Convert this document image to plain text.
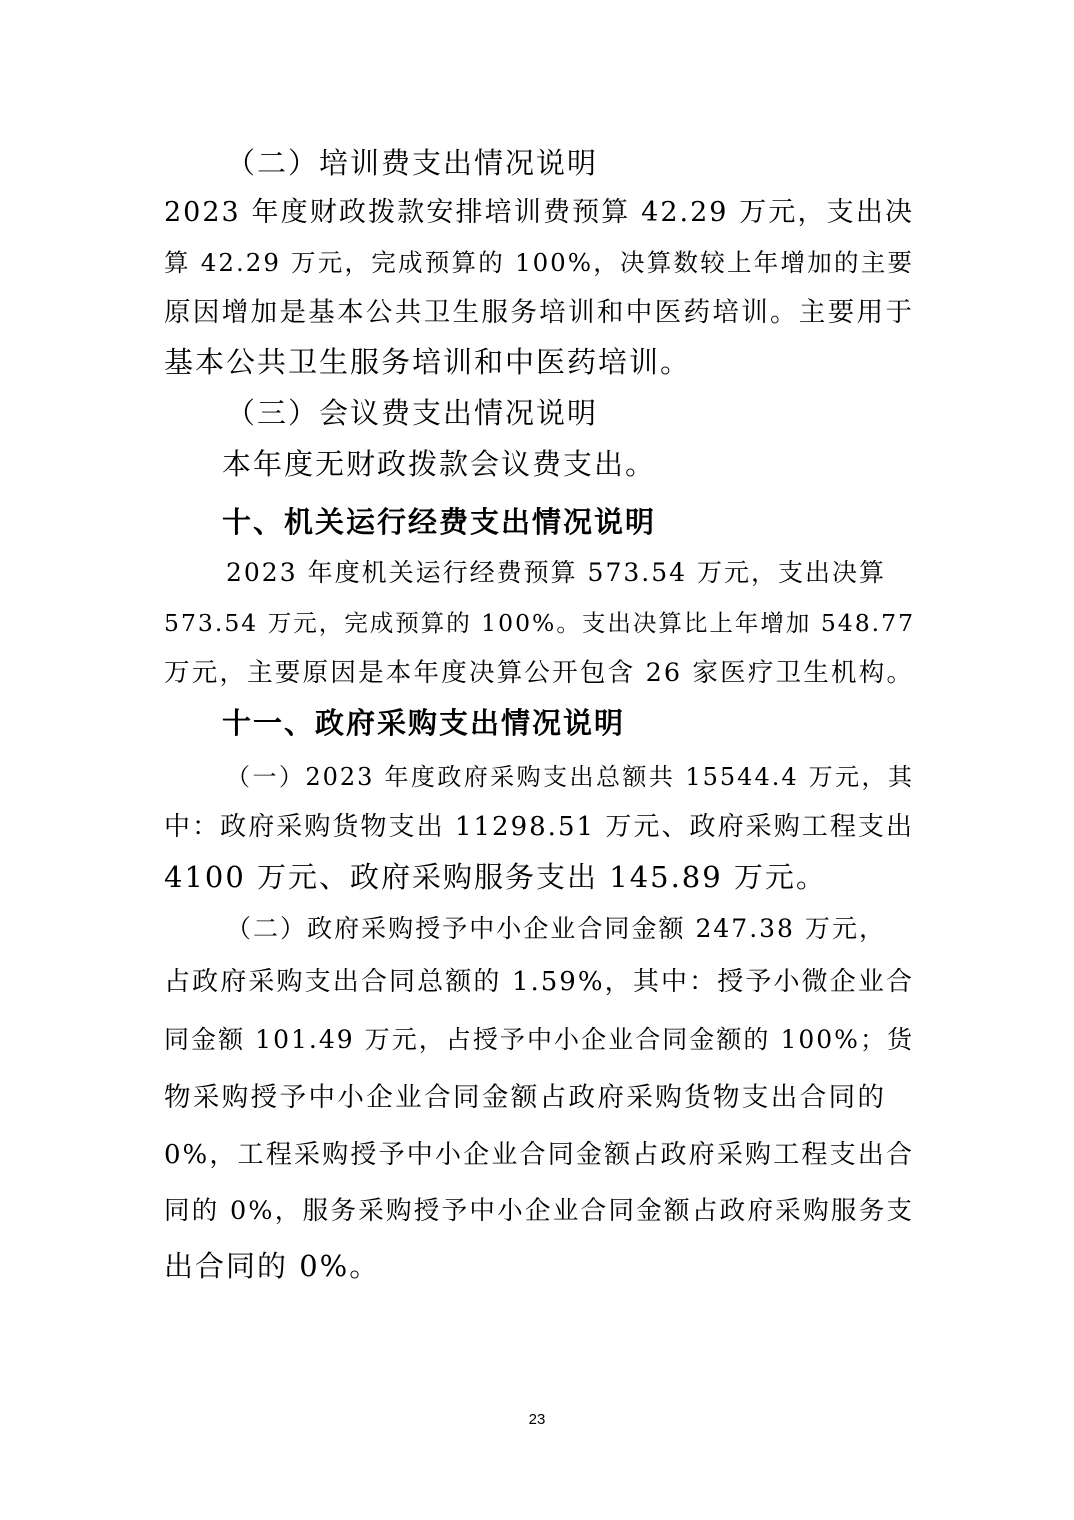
（二）培训费支出情况说明
2023 年度财政拨款安排培训费预算 42.29 万元，支出决
算 42.29 万元，完成预算的 100%，决算数较上年增加的主要
原因增加是基本公共卫生服务培训和中医药培训。主要用于
基本公共卫生服务培训和中医药培训。
（三）会议费支出情况说明
本年度无财政拨款会议费支出。
十、机关运行经费支出情况说明
2023 年度机关运行经费预算 573.54 万元，支出决算
573.54 万元，完成预算的 100%。支出决算比上年增加 548.77
万元，主要原因是本年度决算公开包含 26 家医疗卫生机构。
十一、政府采购支出情况说明
（一）2023 年度政府采购支出总额共 15544.4 万元，其
中：政府采购货物支出 11298.51 万元、政府采购工程支出
4100 万元、政府采购服务支出 145.89 万元。
（二）政府采购授予中小企业合同金额 247.38 万元，
占政府采购支出合同总额的 1.59%，其中：授予小微企业合
同金额 101.49 万元，占授予中小企业合同金额的 100%；货
物采购授予中小企业合同金额占政府采购货物支出合同的
0%，工程采购授予中小企业合同金额占政府采购工程支出合
同的 0%，服务采购授予中小企业合同金额占政府采购服务支
出合同的 0%。
23
